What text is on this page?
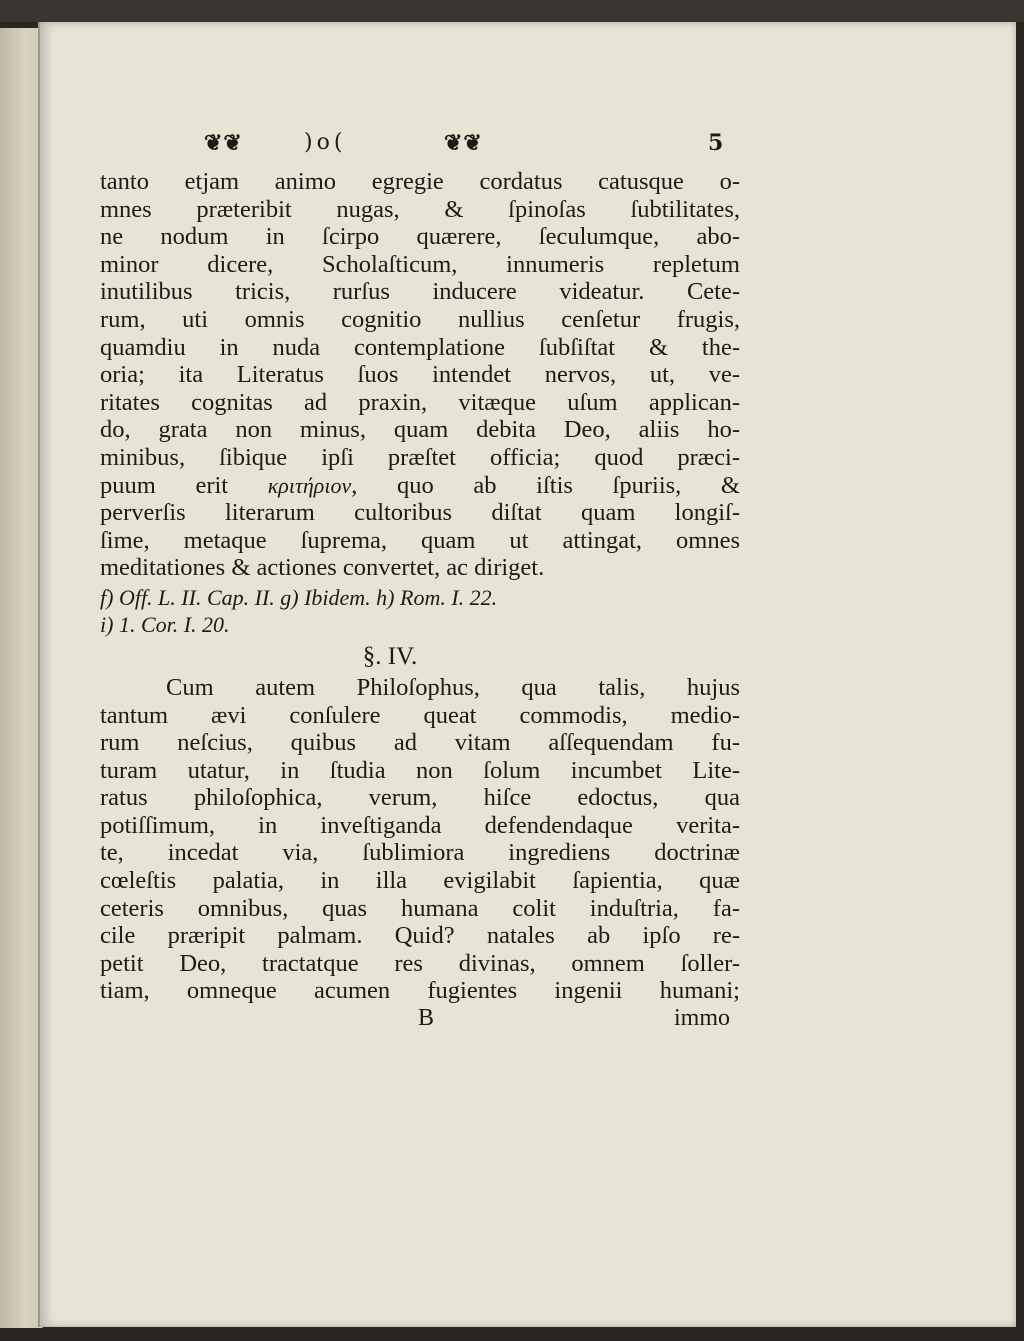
❦❦	)o(	❦❦	5
tanto etjam animo egregie cordatus catusque o-
mnes præteribit nugas, & ſpinoſas ſubtilitates,
ne nodum in ſcirpo quærere, ſeculumque, abo-
minor dicere, Scholaſticum, innumeris repletum
inutilibus tricis, rurſus inducere videatur. Cete-
rum, uti omnis cognitio nullius cenſetur frugis,
quamdiu in nuda contemplatione ſubſiſtat & the-
oria; ita Literatus ſuos intendet nervos, ut, ve-
ritates cognitas ad praxin, vitæque uſum applican-
do, grata non minus, quam debita Deo, aliis ho-
minibus, ſibique ipſi præſtet officia; quod præci-
puum erit κριτήριον, quo ab iſtis ſpuriis, &
perverſis literarum cultoribus diſtat quam longiſ-
ſime, metaque ſuprema, quam ut attingat, omnes
meditationes & actiones convertet, ac diriget.
f) Off. L. II. Cap. II. g) Ibidem. h) Rom. I. 22.
i) 1. Cor. I. 20.
§. IV.
Cum autem Philoſophus, qua talis, hujus
tantum ævi conſulere queat commodis, medio-
rum neſcius, quibus ad vitam aſſequendam fu-
turam utatur, in ſtudia non ſolum incumbet Lite-
ratus philoſophica, verum, hiſce edoctus, qua
potiſſimum, in inveſtiganda defendendaque verita-
te, incedat via, ſublimiora ingrediens doctrinæ
cœleſtis palatia, in illa evigilabit ſapientia, quæ
ceteris omnibus, quas humana colit induſtria, fa-
cile præripit palmam. Quid? natales ab ipſo re-
petit Deo, tractatque res divinas, omnem ſoller-
tiam, omneque acumen fugientes ingenii humani;
B	immo
